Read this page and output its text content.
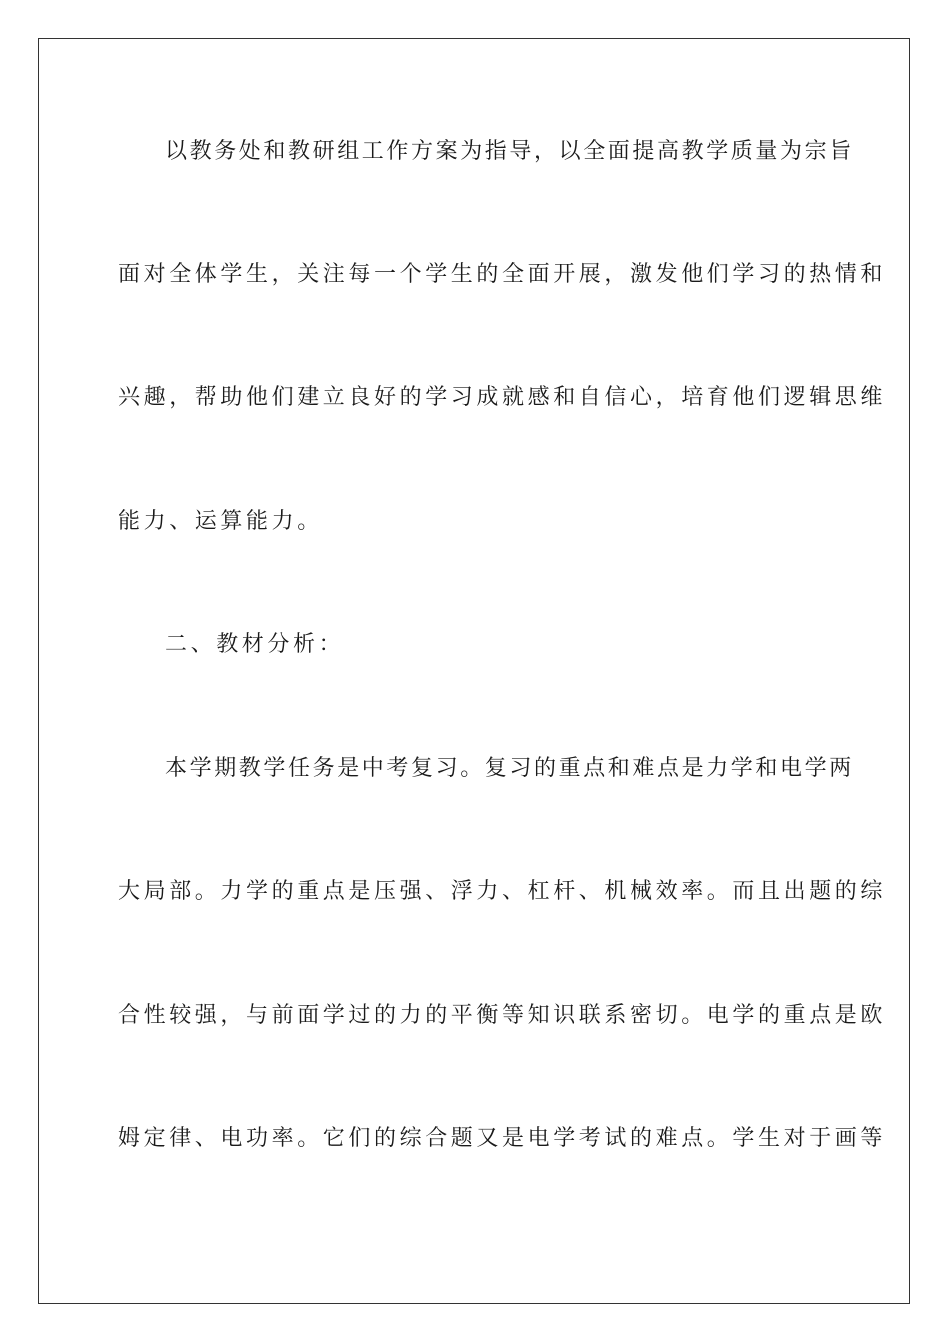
以教务处和教研组工作方案为指导，以全面提高教学质量为宗旨

面对全体学生，关注每一个学生的全面开展，激发他们学习的热情和

兴趣，帮助他们建立良好的学习成就感和自信心，培育他们逻辑思维

能力、运算能力。

二、教材分析：

本学期教学任务是中考复习。复习的重点和难点是力学和电学两

大局部。力学的重点是压强、浮力、杠杆、机械效率。而且出题的综

合性较强，与前面学过的力的平衡等知识联系密切。电学的重点是欧

姆定律、电功率。它们的综合题又是电学考试的难点。学生对于画等
